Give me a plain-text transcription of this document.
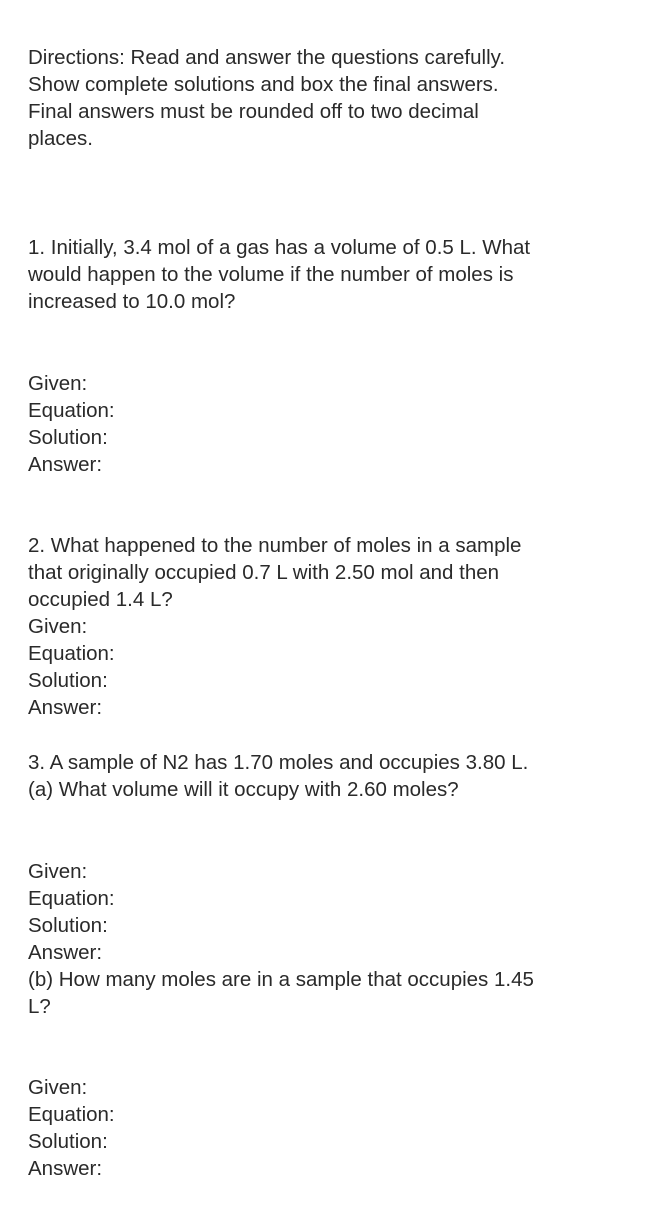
Directions: Read and answer the questions carefully.
Show complete solutions and box the final answers.
Final answers must be rounded off to two decimal
places.
1. Initially, 3.4 mol of a gas has a volume of 0.5 L. What
would happen to the volume if the number of moles is
increased to 10.0 mol?
Given:
Equation:
Solution:
Answer:
2. What happened to the number of moles in a sample
that originally occupied 0.7 L with 2.50 mol and then
occupied 1.4 L?
Given:
Equation:
Solution:
Answer:
3. A sample of N2 has 1.70 moles and occupies 3.80 L.
(a) What volume will it occupy with 2.60 moles?
Given:
Equation:
Solution:
Answer:
(b) How many moles are in a sample that occupies 1.45
L?
Given:
Equation:
Solution:
Answer:
